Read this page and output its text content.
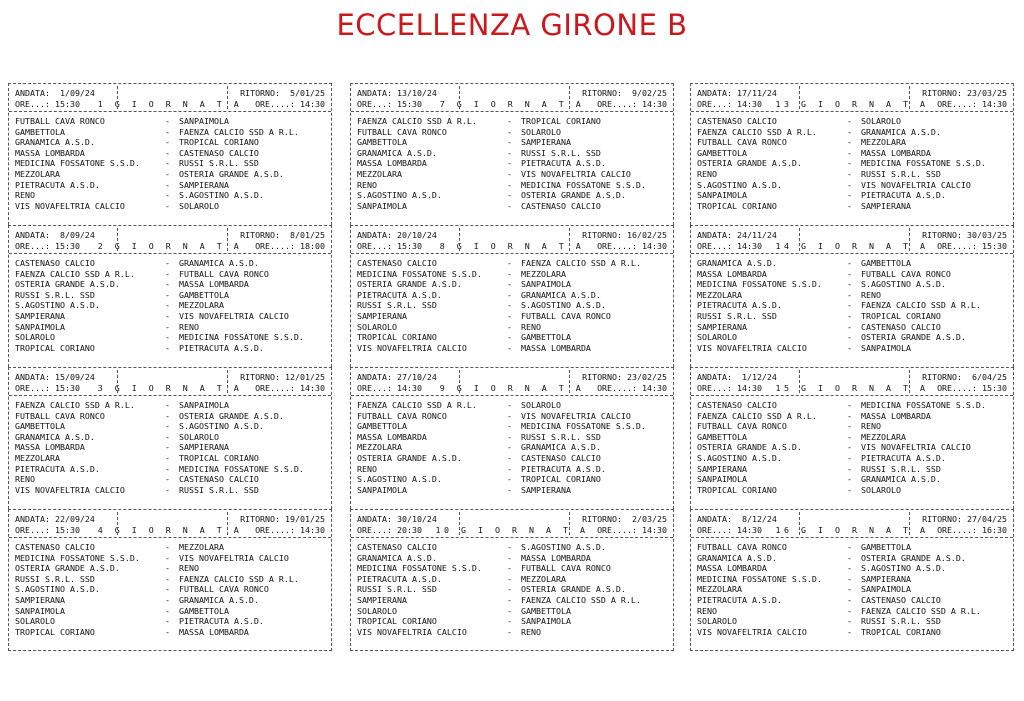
ECCELLENZA GIRONE B
ANDATA:  1/09/24
ORE...: 15:30
RITORNO:  5/01/25
ORE....: 14:30
1 G I O R N A T A
FUTBALL CAVA RONCO	-	SANPAIMOLA
GAMBETTOLA	-	FAENZA CALCIO SSD A R.L.
GRANAMICA A.S.D.	-	TROPICAL CORIANO
MASSA LOMBARDA	-	CASTENASO CALCIO
MEDICINA FOSSATONE S.S.D.	-	RUSSI S.R.L. SSD
MEZZOLARA	-	OSTERIA GRANDE A.S.D.
PIETRACUTA A.S.D.	-	SAMPIERANA
RENO	-	S.AGOSTINO A.S.D.
VIS NOVAFELTRIA CALCIO	-	SOLAROLO
ANDATA:  8/09/24
ORE...: 15:30
RITORNO:  8/01/25
ORE....: 18:00
2 G I O R N A T A
CASTENASO CALCIO	-	GRANAMICA A.S.D.
FAENZA CALCIO SSD A R.L.	-	FUTBALL CAVA RONCO
OSTERIA GRANDE A.S.D.	-	MASSA LOMBARDA
RUSSI S.R.L. SSD	-	GAMBETTOLA
S.AGOSTINO A.S.D.	-	MEZZOLARA
SAMPIERANA	-	VIS NOVAFELTRIA CALCIO
SANPAIMOLA	-	RENO
SOLAROLO	-	MEDICINA FOSSATONE S.S.D.
TROPICAL CORIANO	-	PIETRACUTA A.S.D.
ANDATA: 15/09/24
ORE...: 15:30
RITORNO: 12/01/25
ORE....: 14:30
3 G I O R N A T A
FAENZA CALCIO SSD A R.L.	-	SANPAIMOLA
FUTBALL CAVA RONCO	-	OSTERIA GRANDE A.S.D.
GAMBETTOLA	-	S.AGOSTINO A.S.D.
GRANAMICA A.S.D.	-	SOLAROLO
MASSA LOMBARDA	-	SAMPIERANA
MEZZOLARA	-	TROPICAL CORIANO
PIETRACUTA A.S.D.	-	MEDICINA FOSSATONE S.S.D.
RENO	-	CASTENASO CALCIO
VIS NOVAFELTRIA CALCIO	-	RUSSI S.R.L. SSD
ANDATA: 22/09/24
ORE...: 15:30
RITORNO: 19/01/25
ORE....: 14:30
4 G I O R N A T A
CASTENASO CALCIO	-	MEZZOLARA
MEDICINA FOSSATONE S.S.D.	-	VIS NOVAFELTRIA CALCIO
OSTERIA GRANDE A.S.D.	-	RENO
RUSSI S.R.L. SSD	-	FAENZA CALCIO SSD A R.L.
S.AGOSTINO A.S.D.	-	FUTBALL CAVA RONCO
SAMPIERANA	-	GRANAMICA A.S.D.
SANPAIMOLA	-	GAMBETTOLA
SOLAROLO	-	PIETRACUTA A.S.D.
TROPICAL CORIANO	-	MASSA LOMBARDA
ANDATA: 13/10/24
ORE...: 15:30
RITORNO:  9/02/25
ORE....: 14:30
7 G I O R N A T A
FAENZA CALCIO SSD A R.L.	-	TROPICAL CORIANO
FUTBALL CAVA RONCO	-	SOLAROLO
GAMBETTOLA	-	SAMPIERANA
GRANAMICA A.S.D.	-	RUSSI S.R.L. SSD
MASSA LOMBARDA	-	PIETRACUTA A.S.D.
MEZZOLARA	-	VIS NOVAFELTRIA CALCIO
RENO	-	MEDICINA FOSSATONE S.S.D.
S.AGOSTINO A.S.D.	-	OSTERIA GRANDE A.S.D.
SANPAIMOLA	-	CASTENASO CALCIO
ANDATA: 20/10/24
ORE...: 15:30
RITORNO: 16/02/25
ORE....: 14:30
8 G I O R N A T A
CASTENASO CALCIO	-	FAENZA CALCIO SSD A R.L.
MEDICINA FOSSATONE S.S.D.	-	MEZZOLARA
OSTERIA GRANDE A.S.D.	-	SANPAIMOLA
PIETRACUTA A.S.D.	-	GRANAMICA A.S.D.
RUSSI S.R.L. SSD	-	S.AGOSTINO A.S.D.
SAMPIERANA	-	FUTBALL CAVA RONCO
SOLAROLO	-	RENO
TROPICAL CORIANO	-	GAMBETTOLA
VIS NOVAFELTRIA CALCIO	-	MASSA LOMBARDA
ANDATA: 27/10/24
ORE...: 14:30
RITORNO: 23/02/25
ORE....: 14:30
9 G I O R N A T A
FAENZA CALCIO SSD A R.L.	-	SOLAROLO
FUTBALL CAVA RONCO	-	VIS NOVAFELTRIA CALCIO
GAMBETTOLA	-	MEDICINA FOSSATONE S.S.D.
MASSA LOMBARDA	-	RUSSI S.R.L. SSD
MEZZOLARA	-	GRANAMICA A.S.D.
OSTERIA GRANDE A.S.D.	-	CASTENASO CALCIO
RENO	-	PIETRACUTA A.S.D.
S.AGOSTINO A.S.D.	-	TROPICAL CORIANO
SANPAIMOLA	-	SAMPIERANA
ANDATA: 30/10/24
ORE...: 20:30
RITORNO:  2/03/25
ORE....: 14:30
10 G I O R N A T A
CASTENASO CALCIO	-	S.AGOSTINO A.S.D.
GRANAMICA A.S.D.	-	MASSA LOMBARDA
MEDICINA FOSSATONE S.S.D.	-	FUTBALL CAVA RONCO
PIETRACUTA A.S.D.	-	MEZZOLARA
RUSSI S.R.L. SSD	-	OSTERIA GRANDE A.S.D.
SAMPIERANA	-	FAENZA CALCIO SSD A R.L.
SOLAROLO	-	GAMBETTOLA
TROPICAL CORIANO	-	SANPAIMOLA
VIS NOVAFELTRIA CALCIO	-	RENO
ANDATA: 17/11/24
ORE...: 14:30
RITORNO: 23/03/25
ORE....: 14:30
13 G I O R N A T A
CASTENASO CALCIO	-	SOLAROLO
FAENZA CALCIO SSD A R.L.	-	GRANAMICA A.S.D.
FUTBALL CAVA RONCO	-	MEZZOLARA
GAMBETTOLA	-	MASSA LOMBARDA
OSTERIA GRANDE A.S.D.	-	MEDICINA FOSSATONE S.S.D.
RENO	-	RUSSI S.R.L. SSD
S.AGOSTINO A.S.D.	-	VIS NOVAFELTRIA CALCIO
SANPAIMOLA	-	PIETRACUTA A.S.D.
TROPICAL CORIANO	-	SAMPIERANA
ANDATA: 24/11/24
ORE...: 14:30
RITORNO: 30/03/25
ORE....: 15:30
14 G I O R N A T A
GRANAMICA A.S.D.	-	GAMBETTOLA
MASSA LOMBARDA	-	FUTBALL CAVA RONCO
MEDICINA FOSSATONE S.S.D.	-	S.AGOSTINO A.S.D.
MEZZOLARA	-	RENO
PIETRACUTA A.S.D.	-	FAENZA CALCIO SSD A R.L.
RUSSI S.R.L. SSD	-	TROPICAL CORIANO
SAMPIERANA	-	CASTENASO CALCIO
SOLAROLO	-	OSTERIA GRANDE A.S.D.
VIS NOVAFELTRIA CALCIO	-	SANPAIMOLA
ANDATA:  1/12/24
ORE...: 14:30
RITORNO:  6/04/25
ORE....: 15:30
15 G I O R N A T A
CASTENASO CALCIO	-	MEDICINA FOSSATONE S.S.D.
FAENZA CALCIO SSD A R.L.	-	MASSA LOMBARDA
FUTBALL CAVA RONCO	-	RENO
GAMBETTOLA	-	MEZZOLARA
OSTERIA GRANDE A.S.D.	-	VIS NOVAFELTRIA CALCIO
S.AGOSTINO A.S.D.	-	PIETRACUTA A.S.D.
SAMPIERANA	-	RUSSI S.R.L. SSD
SANPAIMOLA	-	GRANAMICA A.S.D.
TROPICAL CORIANO	-	SOLAROLO
ANDATA:  8/12/24
ORE...: 14:30
RITORNO: 27/04/25
ORE....: 16:30
16 G I O R N A T A
FUTBALL CAVA RONCO	-	GAMBETTOLA
GRANAMICA A.S.D.	-	OSTERIA GRANDE A.S.D.
MASSA LOMBARDA	-	S.AGOSTINO A.S.D.
MEDICINA FOSSATONE S.S.D.	-	SAMPIERANA
MEZZOLARA	-	SANPAIMOLA
PIETRACUTA A.S.D.	-	CASTENASO CALCIO
RENO	-	FAENZA CALCIO SSD A R.L.
SOLAROLO	-	RUSSI S.R.L. SSD
VIS NOVAFELTRIA CALCIO	-	TROPICAL CORIANO
